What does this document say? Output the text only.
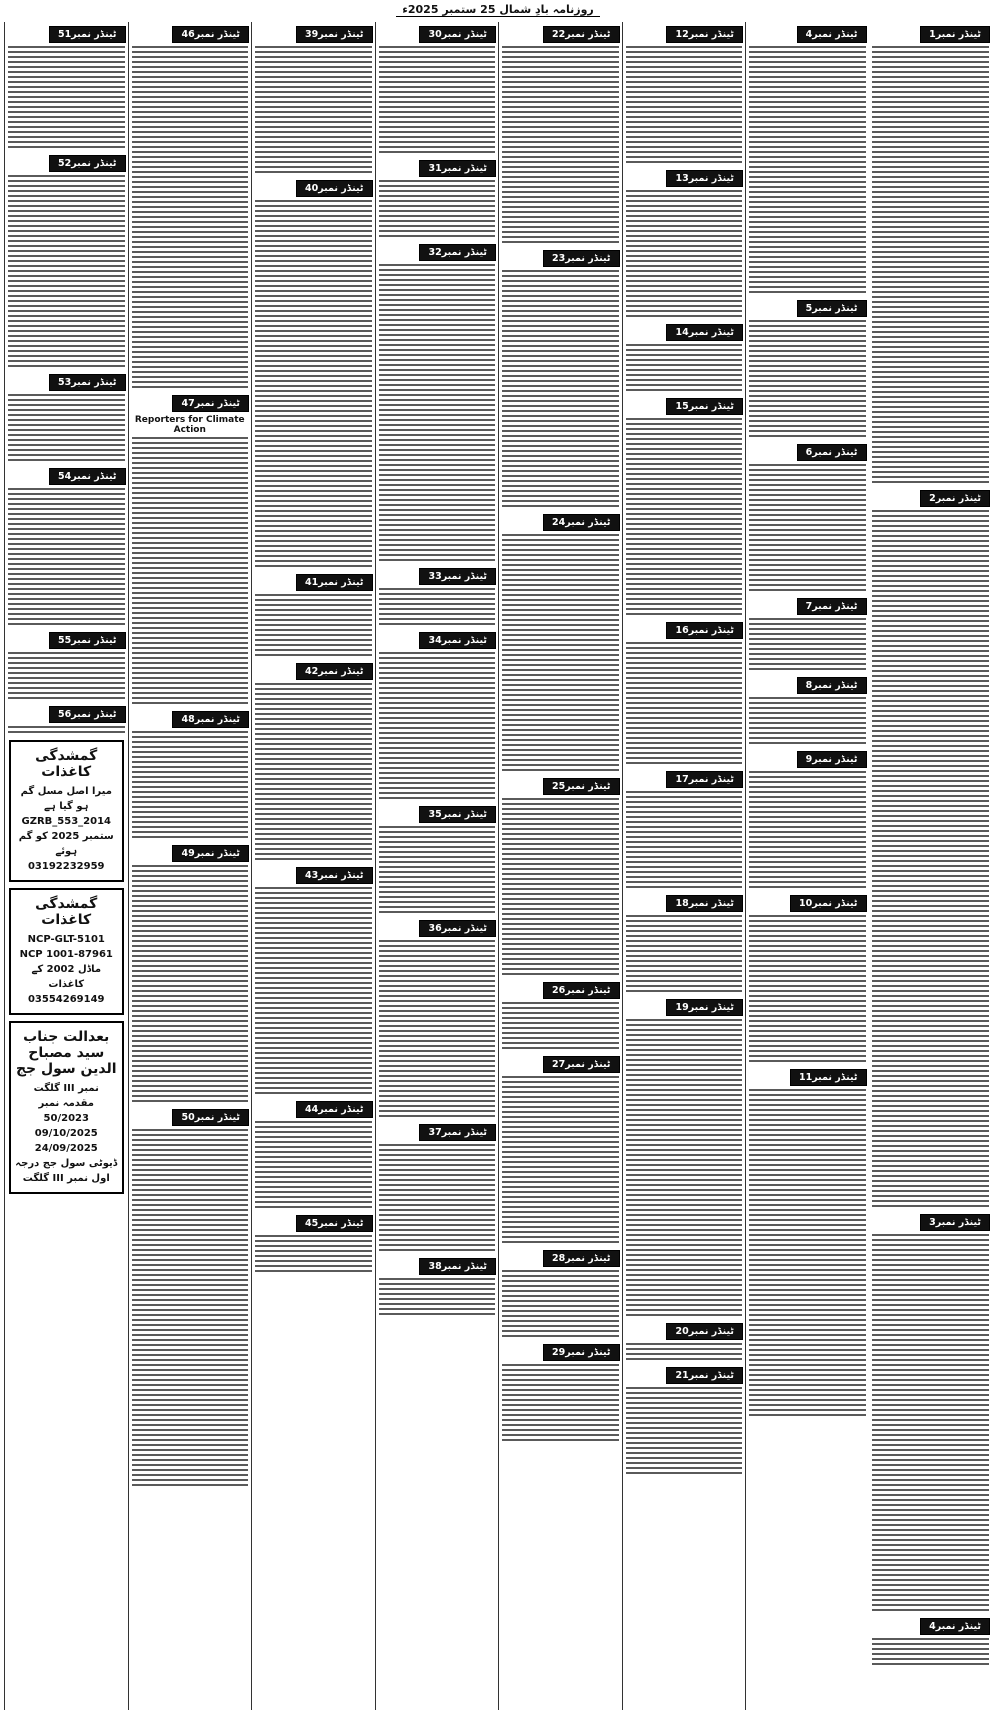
روزنامہ بادِ شمال 25 ستمبر 2025ء
ٹینڈر نمبر1
ٹینڈر نمبر2
ٹینڈر نمبر3
ٹینڈر نمبر4
ٹینڈر نمبر4
ٹینڈر نمبر5
ٹینڈر نمبر6
ٹینڈر نمبر7
ٹینڈر نمبر8
ٹینڈر نمبر9
ٹینڈر نمبر10
ٹینڈر نمبر11
ٹینڈر نمبر12
ٹینڈر نمبر13
ٹینڈر نمبر14
ٹینڈر نمبر15
ٹینڈر نمبر16
ٹینڈر نمبر17
ٹینڈر نمبر18
ٹینڈر نمبر19
ٹینڈر نمبر20
ٹینڈر نمبر21
ٹینڈر نمبر22
ٹینڈر نمبر23
ٹینڈر نمبر24
ٹینڈر نمبر25
ٹینڈر نمبر26
ٹینڈر نمبر27
ٹینڈر نمبر28
ٹینڈر نمبر29
ٹینڈر نمبر30
ٹینڈر نمبر31
ٹینڈر نمبر32
ٹینڈر نمبر33
ٹینڈر نمبر34
ٹینڈر نمبر35
ٹینڈر نمبر36
ٹینڈر نمبر37
ٹینڈر نمبر38
ٹینڈر نمبر39
ٹینڈر نمبر40
ٹینڈر نمبر41
ٹینڈر نمبر42
ٹینڈر نمبر43
ٹینڈر نمبر44
ٹینڈر نمبر45
ٹینڈر نمبر46
ٹینڈر نمبر47
Reporters for Climate Action
ٹینڈر نمبر48
ٹینڈر نمبر49
ٹینڈر نمبر50
ٹینڈر نمبر51
ٹینڈر نمبر52
ٹینڈر نمبر53
ٹینڈر نمبر54
ٹینڈر نمبر55
ٹینڈر نمبر56
گمشدگی کاغذات
میرا اصل مسل گم ہو گیا ہے
GZRB_553_2014
ستمبر 2025 کو گم ہوئے
03192232959
گمشدگی کاغذات
NCP-GLT-5101
NCP 1001-87961
ماڈل 2002 کے کاغذات
03554269149
بعدالت جناب سید مصباح الدین سول جج
نمبر III گلگت
مقدمہ نمبر 50/2023
09/10/2025
24/09/2025
ڈیوٹی سول جج درجہ اول نمبر III گلگت
